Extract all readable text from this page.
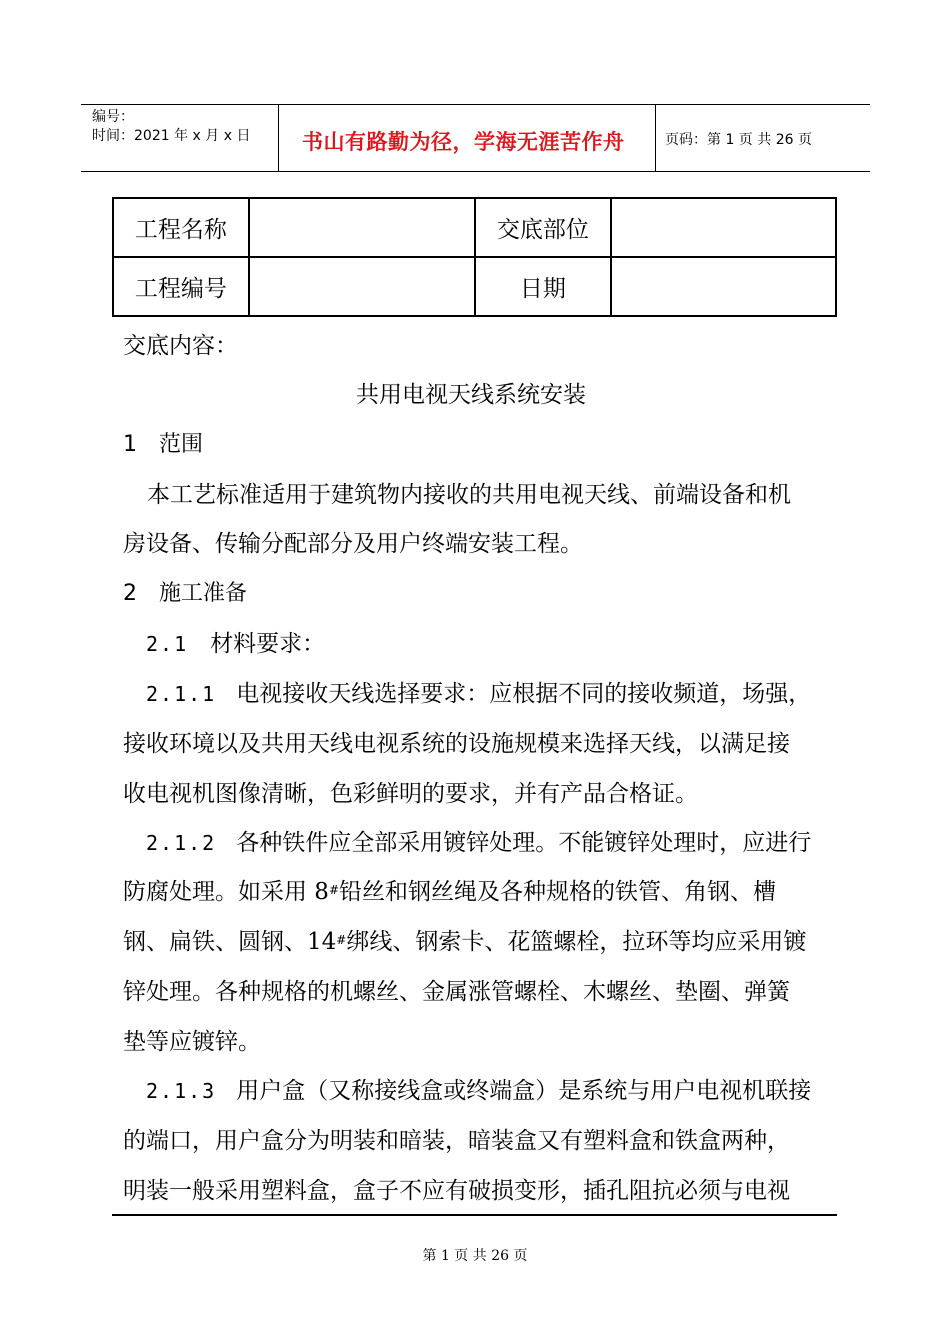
编号：
时间：2021 年 x 月 x 日 书山有路勤为径，学海无涯苦作舟	页码：第 1 页 共 26 页
工程名称		交底部位	
工程编号		日期	
交底内容：
共用电视天线系统安装
1 范围
本工艺标准适用于建筑物内接收的共用电视天线、前端设备和机
房设备、传输分配部分及用户终端安装工程。
2 施工准备
2.1 材料要求：
2.1.1 电视接收天线选择要求：应根据不同的接收频道，场强，
接收环境以及共用天线电视系统的设施规模来选择天线，以满足接
收电视机图像清晰，色彩鲜明的要求，并有产品合格证。
2.1.2 各种铁件应全部采用镀锌处理。不能镀锌处理时，应进行
防腐处理。如采用 8#铅丝和钢丝绳及各种规格的铁管、角钢、槽
钢、扁铁、圆钢、14#绑线、钢索卡、花篮螺栓，拉环等均应采用镀
锌处理。各种规格的机螺丝、金属涨管螺栓、木螺丝、垫圈、弹簧
垫等应镀锌。
2.1.3 用户盒（又称接线盒或终端盒）是系统与用户电视机联接
的端口，用户盒分为明装和暗装，暗装盒又有塑料盒和铁盒两种，
明装一般采用塑料盒，盒子不应有破损变形，插孔阻抗必须与电视
第 1 页 共 26 页
